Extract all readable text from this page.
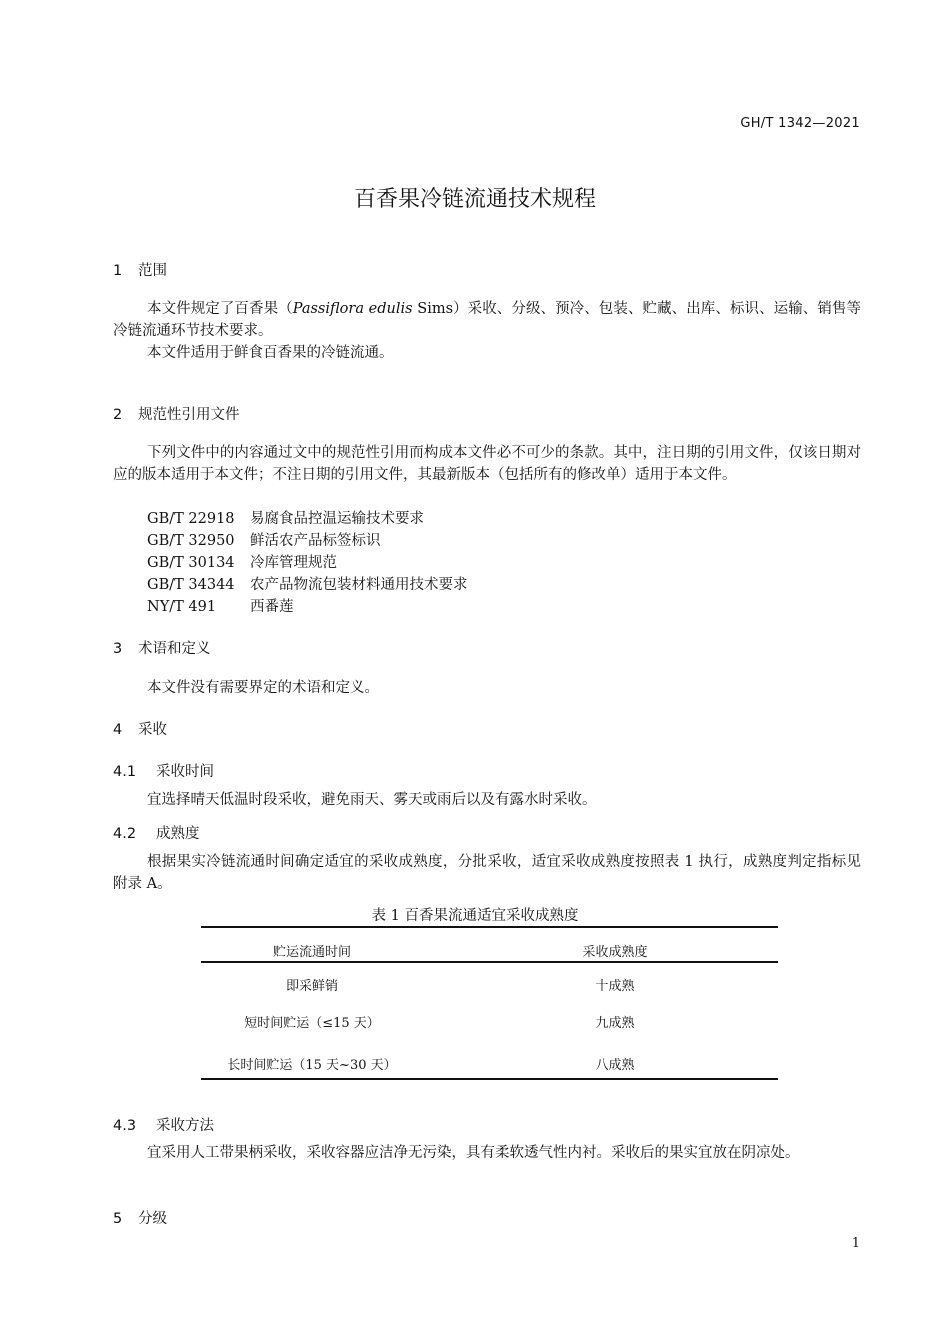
GH/T 1342—2021
百香果冷链流通技术规程
1 范围
本文件规定了百香果（Passiflora edulis Sims）采收、分级、预冷、包装、贮藏、出库、标识、运输、销售等冷链流通环节技术要求。
本文件适用于鲜食百香果的冷链流通。
2 规范性引用文件
下列文件中的内容通过文中的规范性引用而构成本文件必不可少的条款。其中，注日期的引用文件，仅该日期对应的版本适用于本文件；不注日期的引用文件，其最新版本（包括所有的修改单）适用于本文件。
GB/T 22918 易腐食品控温运输技术要求
GB/T 32950 鲜活农产品标签标识
GB/T 30134 冷库管理规范
GB/T 34344 农产品物流包装材料通用技术要求
NY/T 491 西番莲
3 术语和定义
本文件没有需要界定的术语和定义。
4 采收
4.1 采收时间
宜选择晴天低温时段采收，避免雨天、雾天或雨后以及有露水时采收。
4.2 成熟度
根据果实冷链流通时间确定适宜的采收成熟度，分批采收，适宜采收成熟度按照表 1 执行，成熟度判定指标见附录 A。
表 1 百香果流通适宜采收成熟度
贮运流通时间	采收成熟度
即采鲜销	十成熟
短时间贮运（≤15 天）	九成熟
长时间贮运（15 天~30 天）	八成熟
4.3 采收方法
宜采用人工带果柄采收，采收容器应洁净无污染，具有柔软透气性内衬。采收后的果实宜放在阴凉处。
5 分级
1
